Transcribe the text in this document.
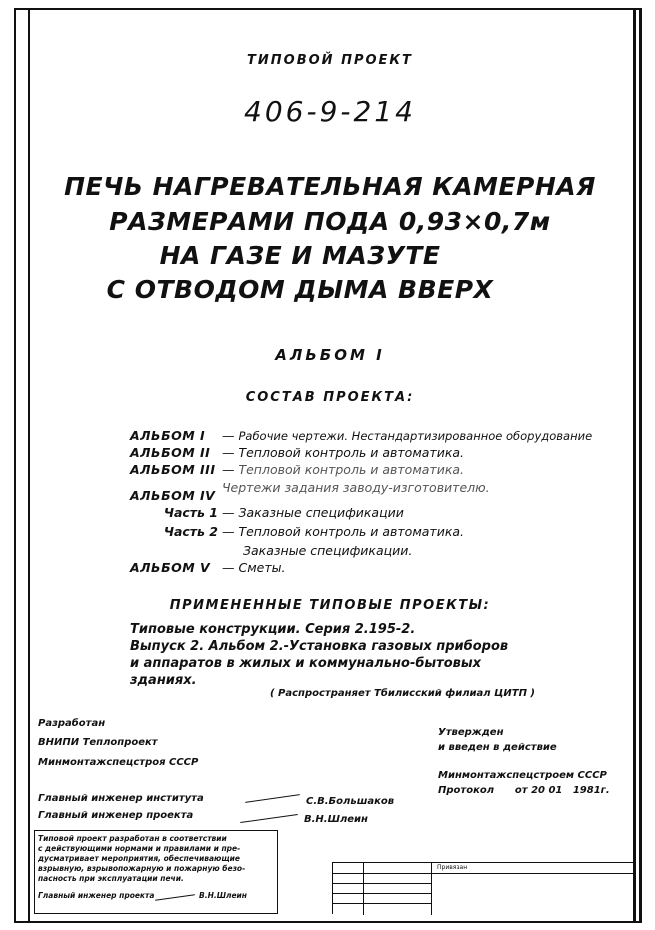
ТИПОВОЙ ПРОЕКТ
406-9-214
ПЕЧЬ НАГРЕВАТЕЛЬНАЯ КАМЕРНАЯ
РАЗМЕРАМИ ПОДА 0,93×0,7м
НА ГАЗЕ И МАЗУТЕ
С ОТВОДОМ ДЫМА ВВЕРХ
АЛЬБОМ I
СОСТАВ ПРОЕКТА:
АЛЬБОМ I — Рабочие чертежи. Нестандартизированное оборудование
АЛЬБОМ II — Тепловой контроль и автоматика.
АЛЬБОМ III — Тепловой контроль и автоматика.
АЛЬБОМ IV Чертежи задания заводу-изготовителю.
Часть 1 — Заказные спецификации
Часть 2 — Тепловой контроль и автоматика.
Заказные спецификации.
АЛЬБОМ V — Сметы.
ПРИМЕНЕННЫЕ ТИПОВЫЕ ПРОЕКТЫ:
Типовые конструкции. Серия 2.195-2.
Выпуск 2. Альбом 2.-Установка газовых приборов
и аппаратов в жилых и коммунально-бытовых
зданиях.
( Распространяет Тбилисский филиал ЦИТП )
Разработан
ВНИПИ Теплопроект
Минмонтажспецстроя СССР
Утвержден
и введен в действие
Минмонтажспецстроем СССР
Протокол      от 20 01   1981г.
Главный инженер института	С.В.Большаков
Главный инженер проекта	В.Н.Шлеин
Типовой проект разработан в соответствии
с действующими нормами и правилами и пре-
дусматривает мероприятия, обеспечивающие
взрывную, взрывопожарную и пожарную безо-
пасность при эксплуатации печи.
Главный инженер проекта	В.Н.Шлеин
Привязан
